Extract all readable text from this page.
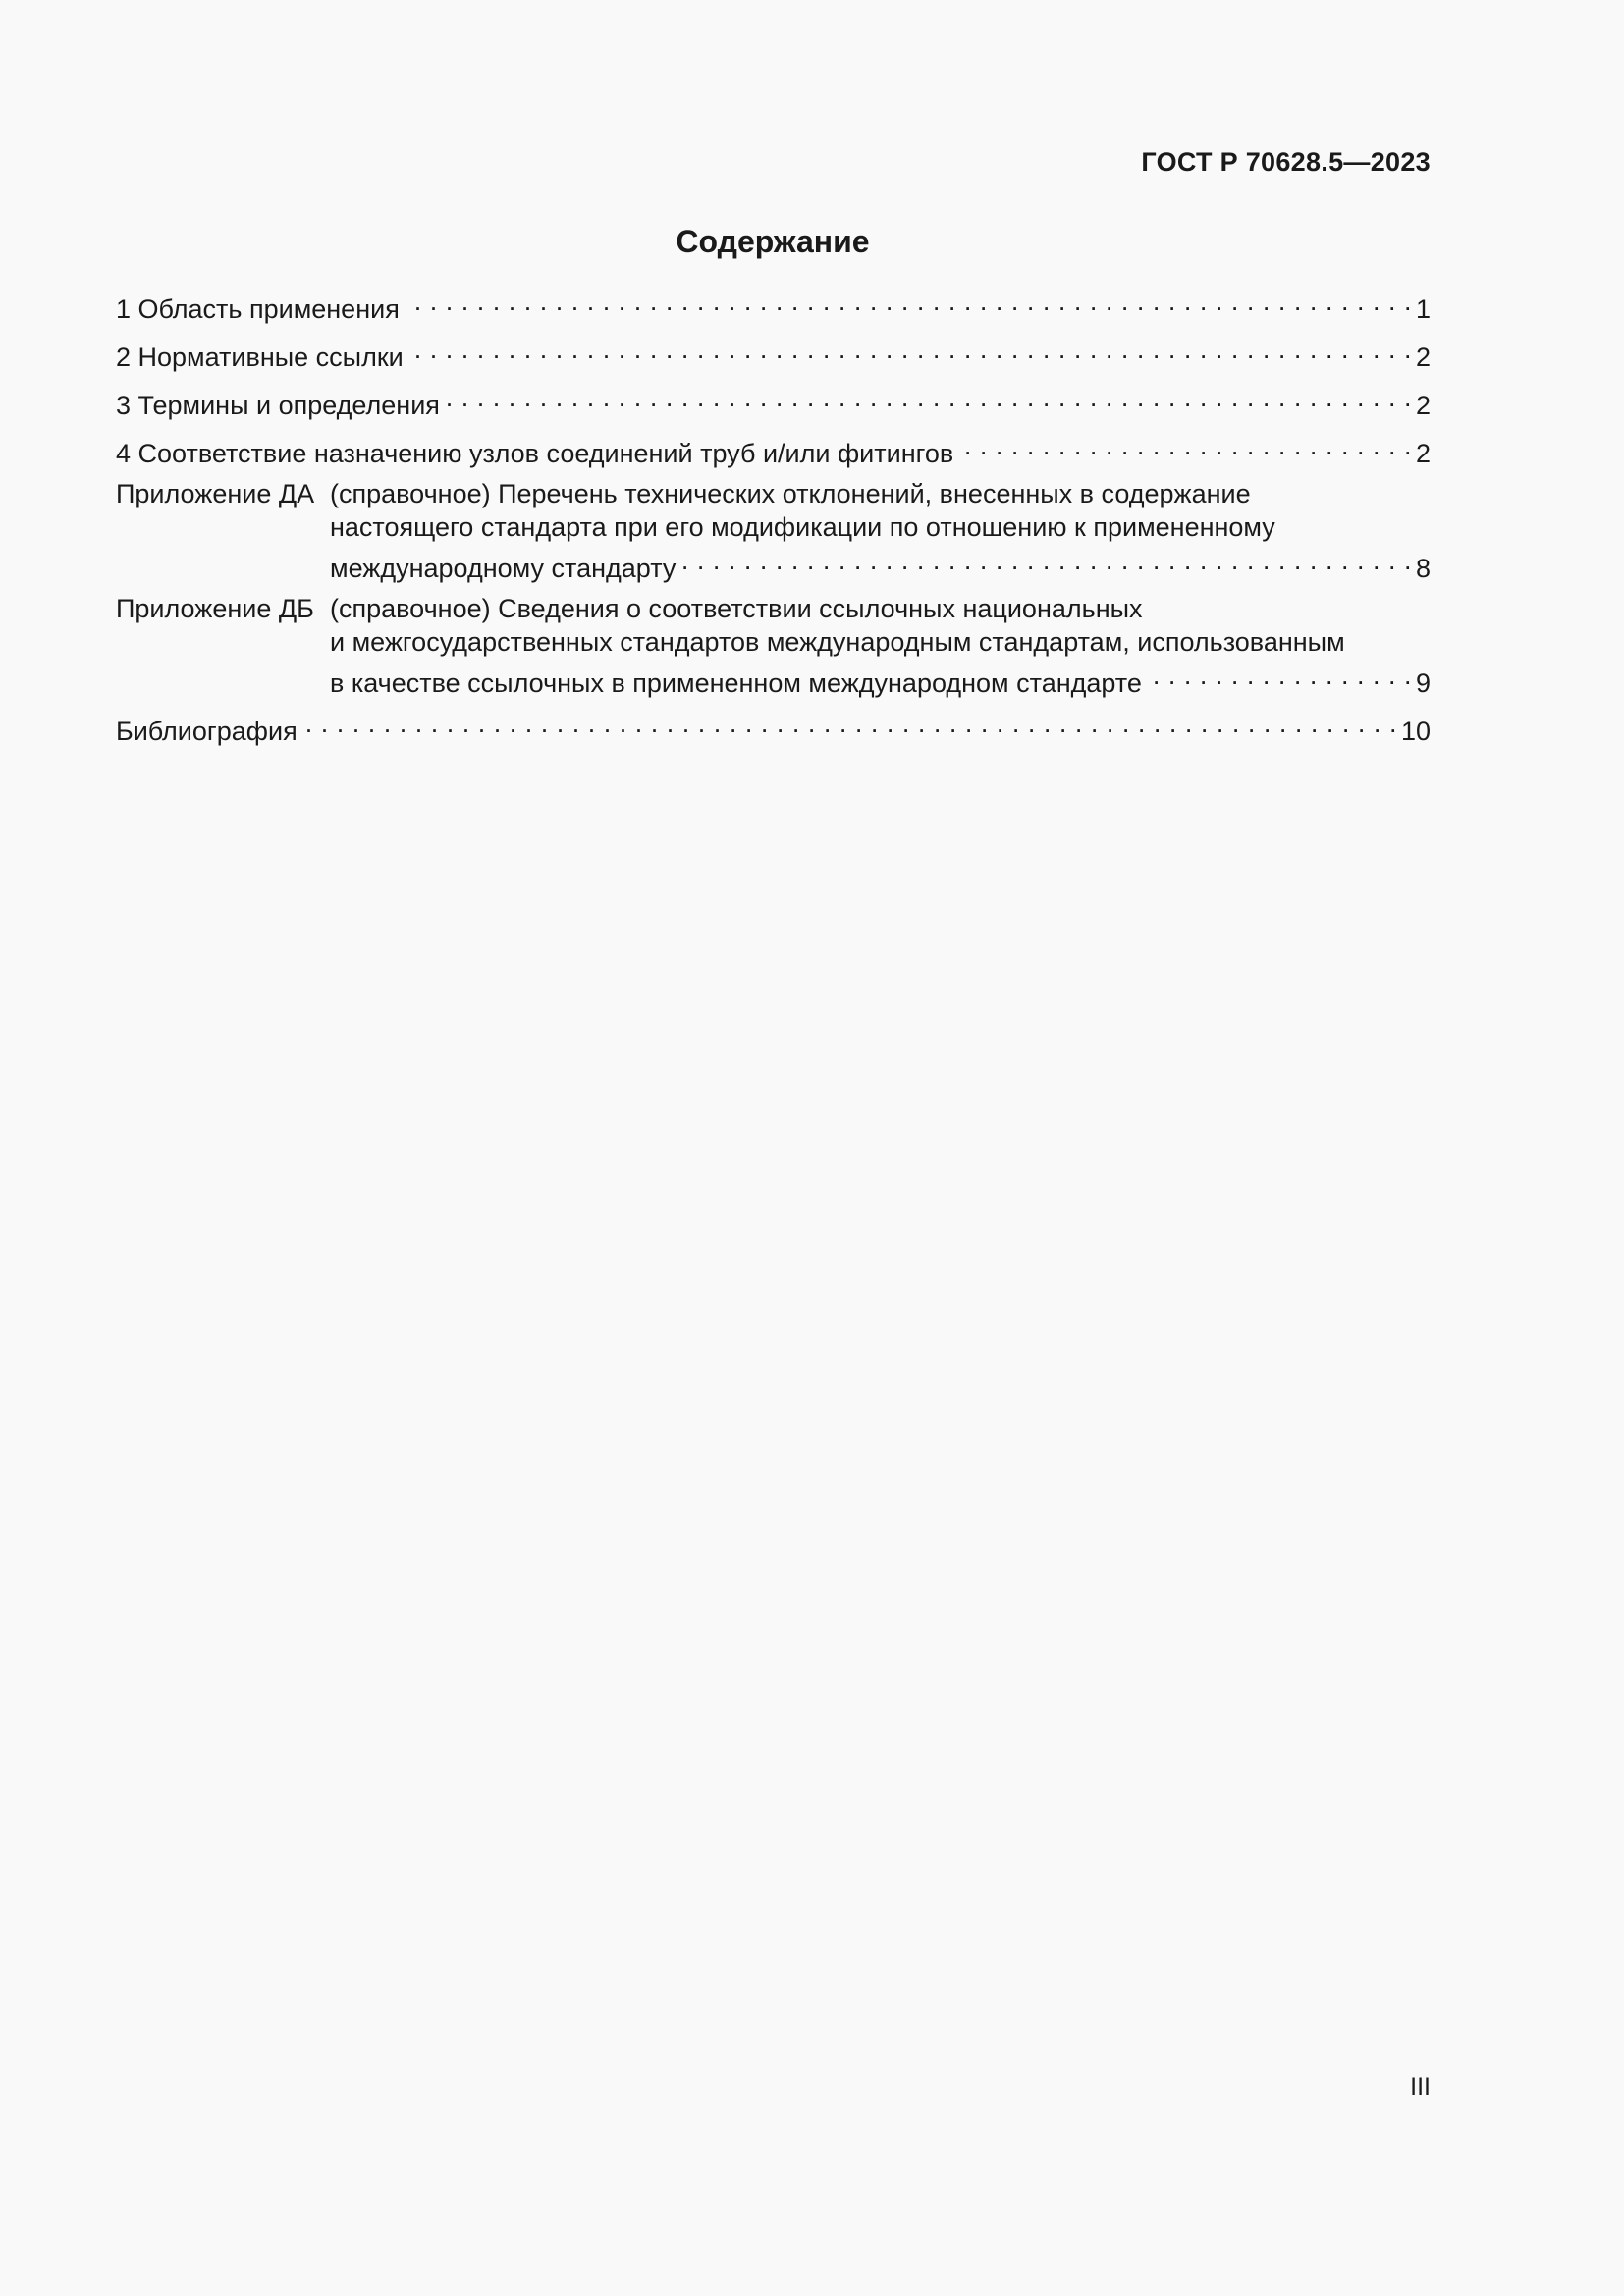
ГОСТ Р 70628.5—2023
Содержание
1 Область применения . . .	1
2 Нормативные ссылки . . .	2
3 Термины и определения . . .	2
4 Соответствие назначению узлов соединений труб и/или фитингов . . .	2
Приложение ДА (справочное) Перечень технических отклонений, внесенных в содержание
настоящего стандарта при его модификации по отношению к примененному
международному стандарту . . .	8
Приложение ДБ (справочное) Сведения о соответствии ссылочных национальных
и межгосударственных стандартов международным стандартам, использованным
в качестве ссылочных в примененном международном стандарте . . .	9
Библиография . . .	10
III
